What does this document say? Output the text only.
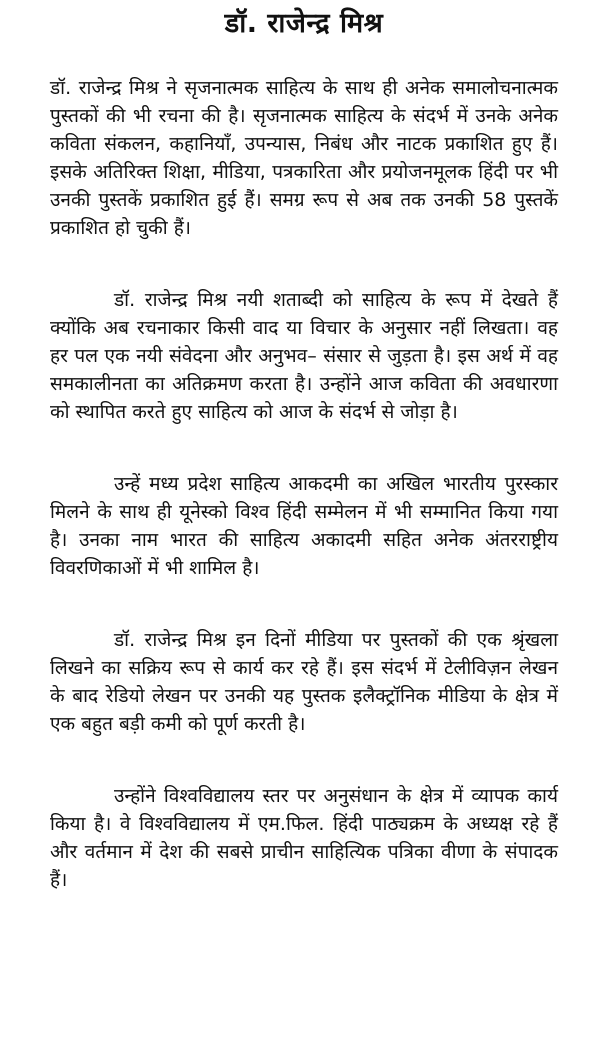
डॉ. राजेन्द्र मिश्र

डॉ. राजेन्द्र मिश्र ने सृजनात्मक साहित्य के साथ ही अनेक समालोचनात्मक पुस्तकों की भी रचना की है। सृजनात्मक साहित्य के संदर्भ में उनके अनेक कविता संकलन, कहानियाँ, उपन्यास, निबंध और नाटक प्रकाशित हुए हैं। इसके अतिरिक्त शिक्षा, मीडिया, पत्रकारिता और प्रयोजनमूलक हिंदी पर भी उनकी पुस्तकें प्रकाशित हुई हैं। समग्र रूप से अब तक उनकी 58 पुस्तकें प्रकाशित हो चुकी हैं।

डॉ. राजेन्द्र मिश्र नयी शताब्दी को साहित्य के रूप में देखते हैं क्योंकि अब रचनाकार किसी वाद या विचार के अनुसार नहीं लिखता। वह हर पल एक नयी संवेदना और अनुभव– संसार से जुड़ता है। इस अर्थ में वह समकालीनता का अतिक्रमण करता है। उन्होंने आज कविता की अवधारणा को स्थापित करते हुए साहित्य को आज के संदर्भ से जोड़ा है।

उन्हें मध्य प्रदेश साहित्य आकदमी का अखिल भारतीय पुरस्कार मिलने के साथ ही यूनेस्को विश्व हिंदी सम्मेलन में भी सम्मानित किया गया है। उनका नाम भारत की साहित्य अकादमी सहित अनेक अंतरराष्ट्रीय विवरणिकाओं में भी शामिल है।

डॉ. राजेन्द्र मिश्र इन दिनों मीडिया पर पुस्तकों की एक श्रृंखला लिखने का सक्रिय रूप से कार्य कर रहे हैं। इस संदर्भ में टेलीविज़न लेखन के बाद रेडियो लेखन पर उनकी यह पुस्तक इलैक्ट्रॉनिक मीडिया के क्षेत्र में एक बहुत बड़ी कमी को पूर्ण करती है।

उन्होंने विश्वविद्यालय स्तर पर अनुसंधान के क्षेत्र में व्यापक कार्य किया है। वे विश्वविद्यालय में एम.फिल. हिंदी पाठ्यक्रम के अध्यक्ष रहे हैं और वर्तमान में देश की सबसे प्राचीन साहित्यिक पत्रिका वीणा के संपादक हैं।
